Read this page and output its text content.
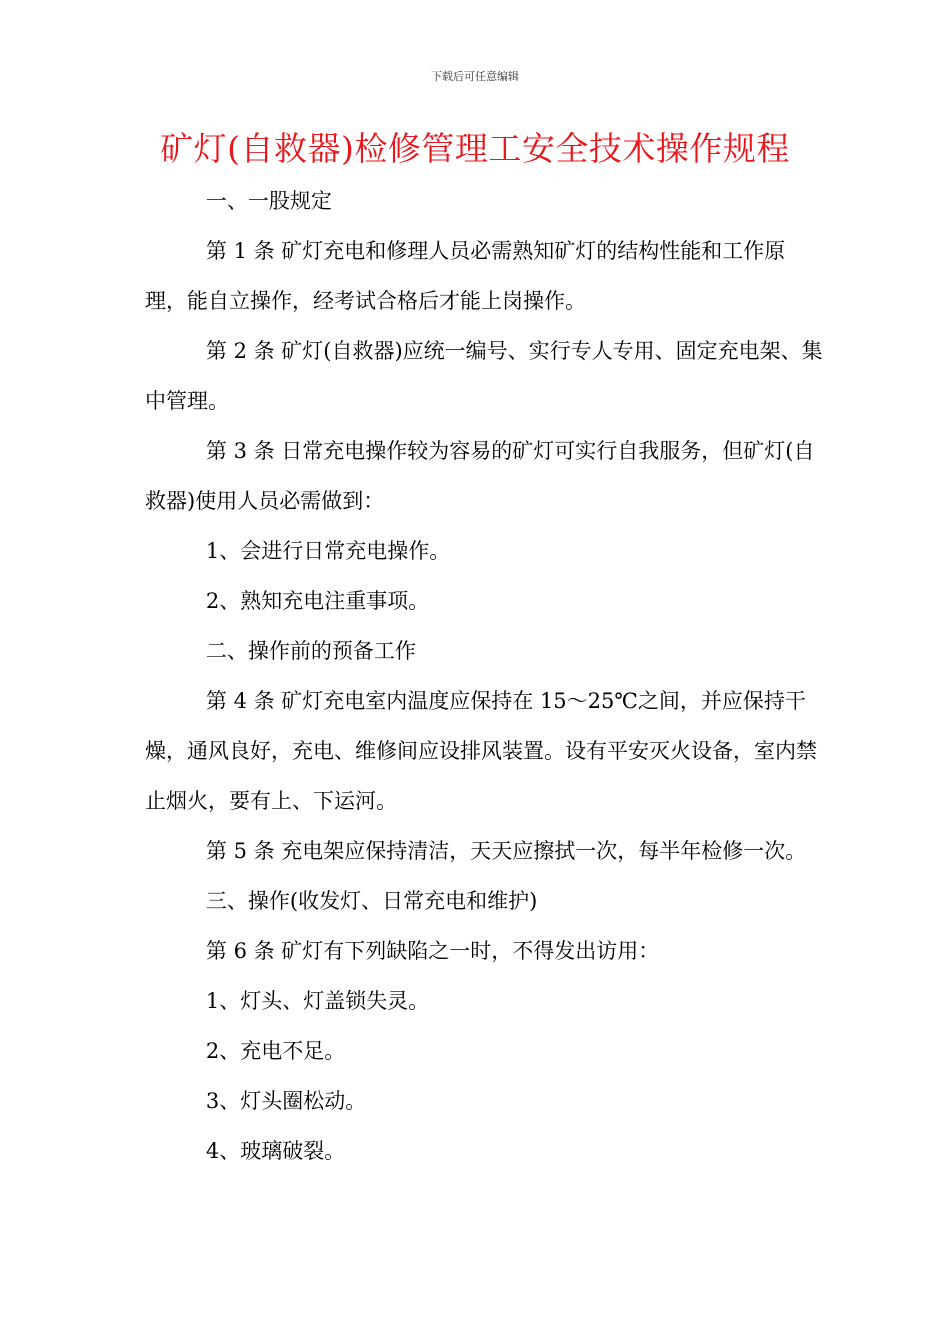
下载后可任意编辑
矿灯(自救器)检修管理工安全技术操作规程

一、一股规定

第 1 条 矿灯充电和修理人员必需熟知矿灯的结构性能和工作原理，能自立操作，经考试合格后才能上岗操作。

第 2 条 矿灯(自救器)应统一编号、实行专人专用、固定充电架、集中管理。

第 3 条 日常充电操作较为容易的矿灯可实行自我服务，但矿灯(自救器)使用人员必需做到：

1、会进行日常充电操作。

2、熟知充电注重事项。

二、操作前的预备工作

第 4 条 矿灯充电室内温度应保持在 15～25℃之间，并应保持干燥，通风良好，充电、维修间应设排风装置。设有平安灭火设备，室内禁止烟火，要有上、下运河。

第 5 条 充电架应保持清洁，天天应擦拭一次，每半年检修一次。

三、操作(收发灯、日常充电和维护)

第 6 条 矿灯有下列缺陷之一时，不得发出访用：

1、灯头、灯盖锁失灵。

2、充电不足。

3、灯头圈松动。

4、玻璃破裂。
